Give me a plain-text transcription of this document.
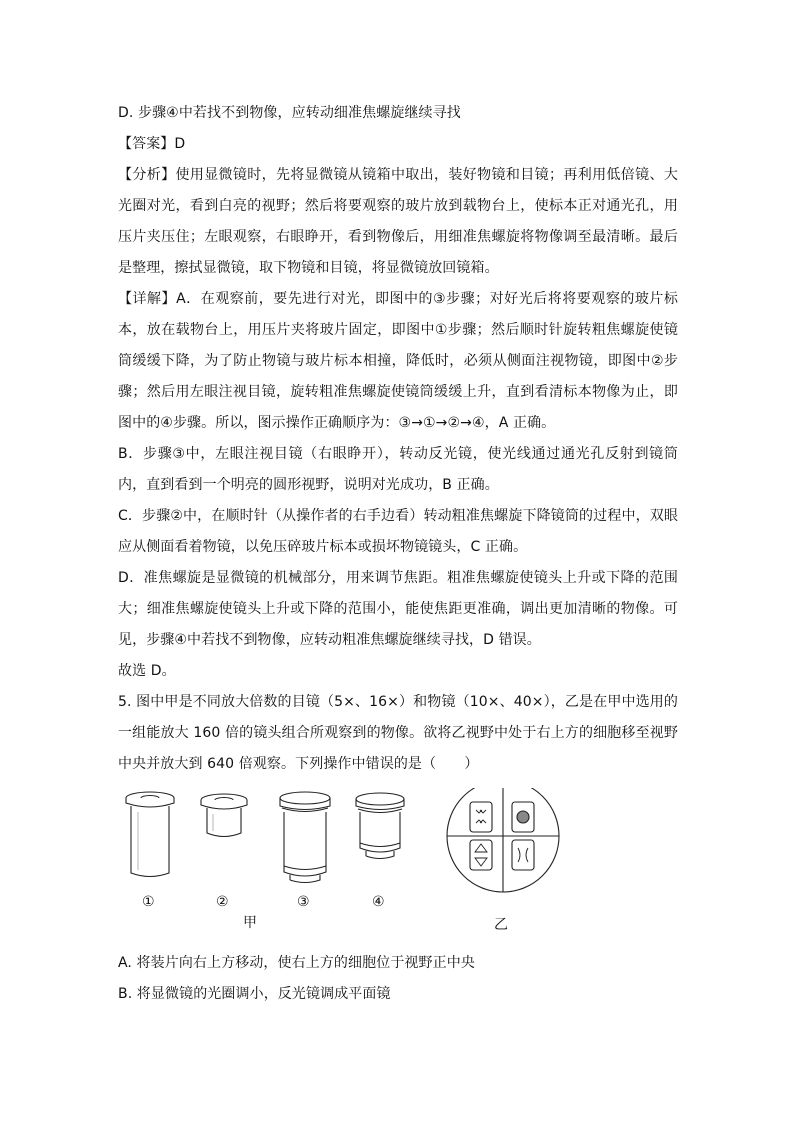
D. 步骤④中若找不到物像，应转动细准焦螺旋继续寻找

【答案】D

【分析】使用显微镜时，先将显微镜从镜箱中取出，装好物镜和目镜；再利用低倍镜、大光圈对光，看到白亮的视野；然后将要观察的玻片放到载物台上，使标本正对通光孔，用压片夹压住；左眼观察，右眼睁开，看到物像后，用细准焦螺旋将物像调至最清晰。最后是整理，擦拭显微镜，取下物镜和目镜，将显微镜放回镜箱。

【详解】A．在观察前，要先进行对光，即图中的③步骤；对好光后将将要观察的玻片标本，放在载物台上，用压片夹将玻片固定，即图中①步骤；然后顺时针旋转粗焦螺旋使镜筒缓缓下降，为了防止物镜与玻片标本相撞，降低时，必须从侧面注视物镜，即图中②步骤；然后用左眼注视目镜，旋转粗准焦螺旋使镜筒缓缓上升，直到看清标本物像为止，即图中的④步骤。所以，图示操作正确顺序为：③→①→②→④，A 正确。

B．步骤③中，左眼注视目镜（右眼睁开），转动反光镜，使光线通过通光孔反射到镜筒内，直到看到一个明亮的圆形视野，说明对光成功，B 正确。

C．步骤②中，在顺时针（从操作者的右手边看）转动粗准焦螺旋下降镜筒的过程中，双眼应从侧面看着物镜，以免压碎玻片标本或损坏物镜镜头，C 正确。

D．准焦螺旋是显微镜的机械部分，用来调节焦距。粗准焦螺旋使镜头上升或下降的范围大；细准焦螺旋使镜头上升或下降的范围小，能使焦距更准确，调出更加清晰的物像。可见，步骤④中若找不到物像，应转动粗准焦螺旋继续寻找，D 错误。

故选 D。

5. 图中甲是不同放大倍数的目镜（5×、16×）和物镜（10×、40×），乙是在甲中选用的一组能放大 160 倍的镜头组合所观察到的物像。欲将乙视野中处于右上方的细胞移至视野中央并放大到 640 倍观察。下列操作中错误的是（　　）

①	②	③	④
甲	乙

A. 将装片向右上方移动，使右上方的细胞位于视野正中央

B. 将显微镜的光圈调小，反光镜调成平面镜
